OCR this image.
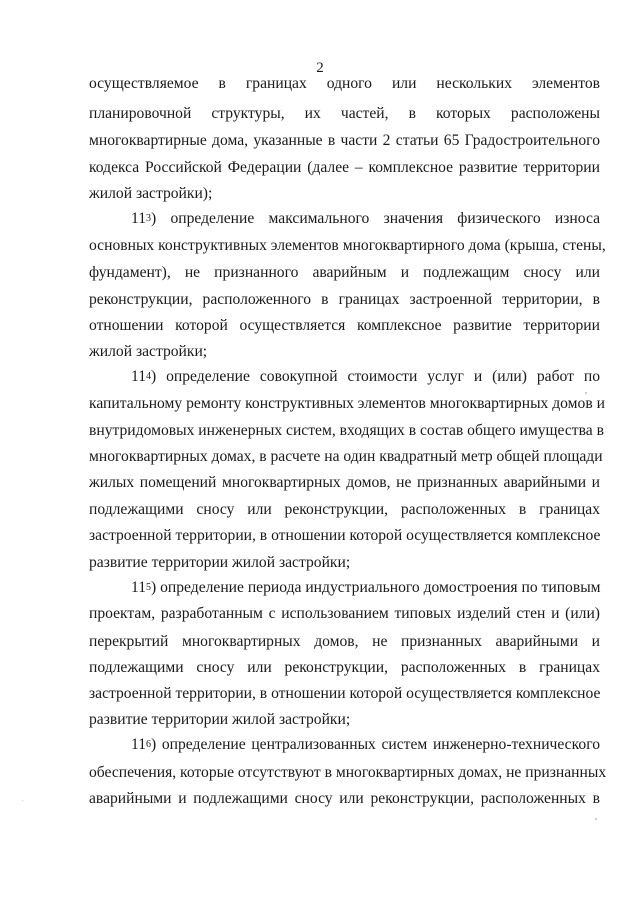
2
осуществляемое в границах одного или нескольких элементов
планировочной структуры, их частей, в которых расположены
многоквартирные дома, указанные в части 2 статьи 65 Градостроительного
кодекса Российской Федерации (далее – комплексное развитие территории
жилой застройки);
$11^3$) определение максимального значения физического износа
основных конструктивных элементов многоквартирного дома (крыша, стены,
фундамент), не признанного аварийным и подлежащим сносу или
реконструкции, расположенного в границах застроенной территории, в
отношении которой осуществляется комплексное развитие территории
жилой застройки;
$11^4$) определение совокупной стоимости услуг и (или) работ по
капитальному ремонту конструктивных элементов многоквартирных домов и
внутридомовых инженерных систем, входящих в состав общего имущества в
многоквартирных домах, в расчете на один квадратный метр общей площади
жилых помещений многоквартирных домов, не признанных аварийными и
подлежащими сносу или реконструкции, расположенных в границах
застроенной территории, в отношении которой осуществляется комплексное
развитие территории жилой застройки;
$11^5$) определение периода индустриального домостроения по типовым
проектам, разработанным с использованием типовых изделий стен и (или)
перекрытий многоквартирных домов, не признанных аварийными и
подлежащими сносу или реконструкции, расположенных в границах
застроенной территории, в отношении которой осуществляется комплексное
развитие территории жилой застройки;
$11^6$) определение централизованных систем инженерно-технического
обеспечения, которые отсутствуют в многоквартирных домах, не признанных
аварийными и подлежащими сносу или реконструкции, расположенных в
